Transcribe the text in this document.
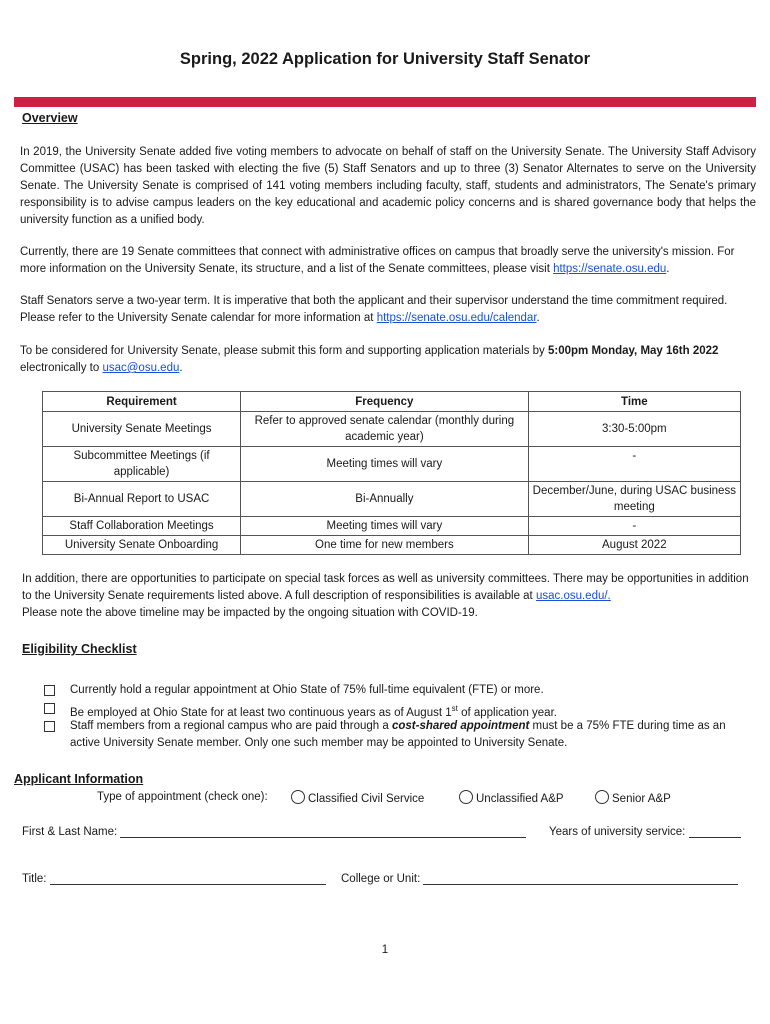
Spring, 2022 Application for University Staff Senator
Overview
In 2019, the University Senate added five voting members to advocate on behalf of staff on the University Senate. The University Staff Advisory Committee (USAC) has been tasked with electing the five (5) Staff Senators and up to three (3) Senator Alternates to serve on the University Senate. The University Senate is comprised of 141 voting members including faculty, staff, students and administrators, The Senate's primary responsibility is to advise campus leaders on the key educational and academic policy concerns and is shared governance body that helps the university function as a unified body.
Currently, there are 19 Senate committees that connect with administrative offices on campus that broadly serve the university's mission. For more information on the University Senate, its structure, and a list of the Senate committees, please visit https://senate.osu.edu.
Staff Senators serve a two-year term. It is imperative that both the applicant and their supervisor understand the time commitment required. Please refer to the University Senate calendar for more information at https://senate.osu.edu/calendar.
To be considered for University Senate, please submit this form and supporting application materials by 5:00pm Monday, May 16th 2022 electronically to usac@osu.edu.
Requirement	Frequency	Time
University Senate Meetings	Refer to approved senate calendar (monthly during academic year)	3:30-5:00pm
Subcommittee Meetings (if applicable)	Meeting times will vary	-
Bi-Annual Report to USAC	Bi-Annually	December/June, during USAC business meeting
Staff Collaboration Meetings	Meeting times will vary	-
University Senate Onboarding	One time for new members	August 2022
In addition, there are opportunities to participate on special task forces as well as university committees. There may be opportunities in addition to the University Senate requirements listed above. A full description of responsibilities is available at usac.osu.edu/.
Please note the above timeline may be impacted by the ongoing situation with COVID-19.
Eligibility Checklist
Currently hold a regular appointment at Ohio State of 75% full-time equivalent (FTE) or more.
Be employed at Ohio State for at least two continuous years as of August 1st of application year.
Staff members from a regional campus who are paid through a cost-shared appointment must be a 75% FTE during time as an active University Senate member. Only one such member may be appointed to University Senate.
Applicant Information
Type of appointment (check one):	Classified Civil Service	Unclassified A&P	Senior A&P
First & Last Name:	Years of university service:
Title:	College or Unit:
1
